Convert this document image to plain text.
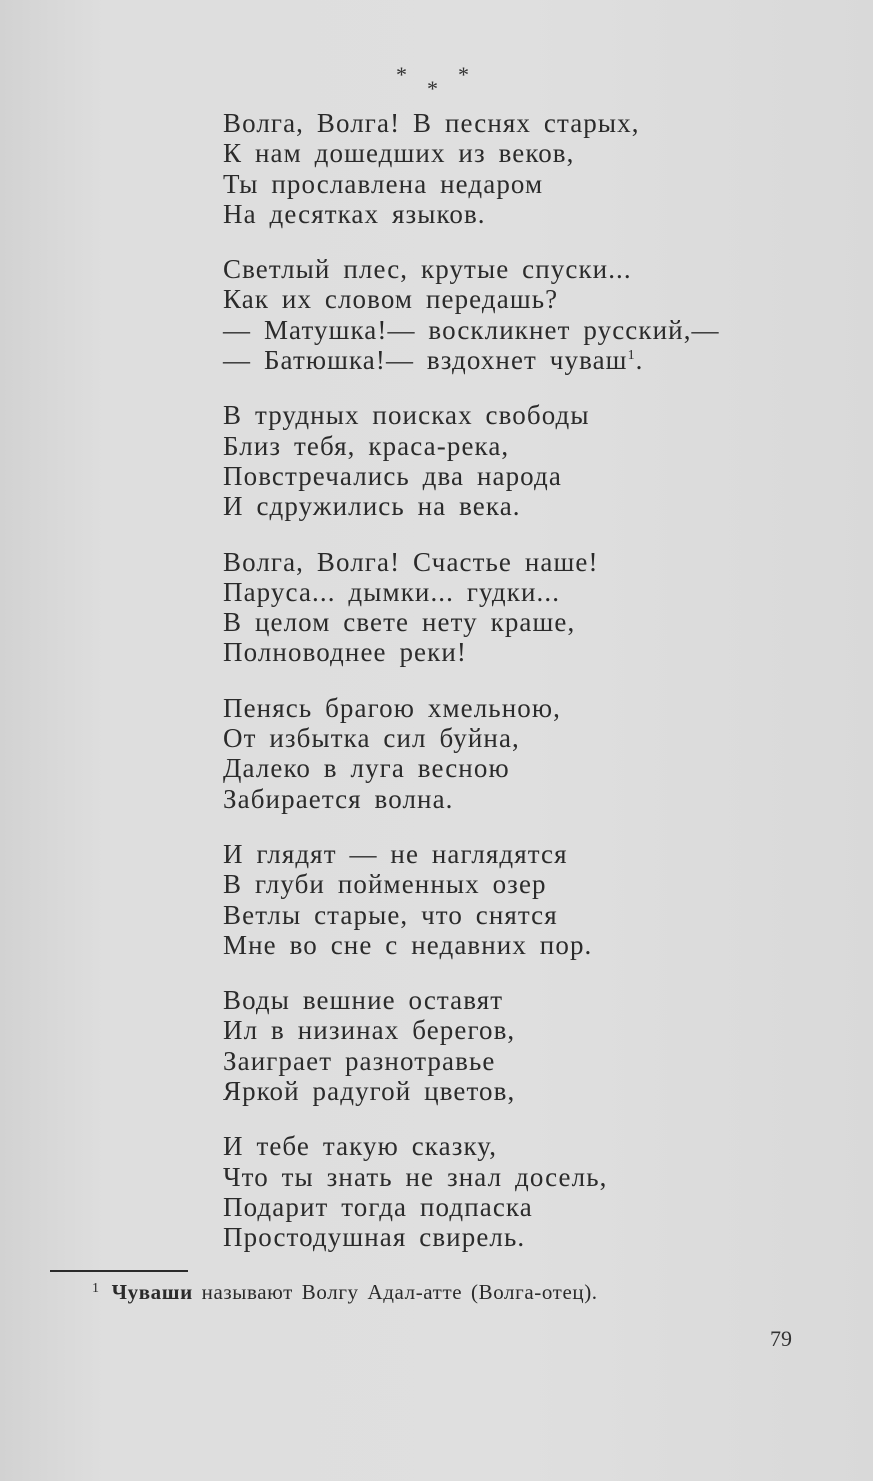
* *
*
Волга, Волга! В песнях старых,
К нам дошедших из веков,
Ты прославлена недаром
На десятках языков.
Светлый плес, крутые спуски...
Как их словом передашь?
— Матушка!— воскликнет русский,—
— Батюшка!— вздохнет чуваш$^1$.
В трудных поисках свободы
Близ тебя, краса-река,
Повстречались два народа
И сдружились на века.
Волга, Волга! Счастье наше!
Паруса... дымки... гудки...
В целом свете нету краше,
Полноводнее реки!
Пенясь брагою хмельною,
От избытка сил буйна,
Далеко в луга весною
Забирается волна.
И глядят — не наглядятся
В глуби пойменных озер
Ветлы старые, что снятся
Мне во сне с недавних пор.
Воды вешние оставят
Ил в низинах берегов,
Заиграет разнотравье
Яркой радугой цветов,
И тебе такую сказку,
Что ты знать не знал досель,
Подарит тогда подпаска
Простодушная свирель.
$^1$ Чуваши называют Волгу Адал-атте (Волга-отец).
79
